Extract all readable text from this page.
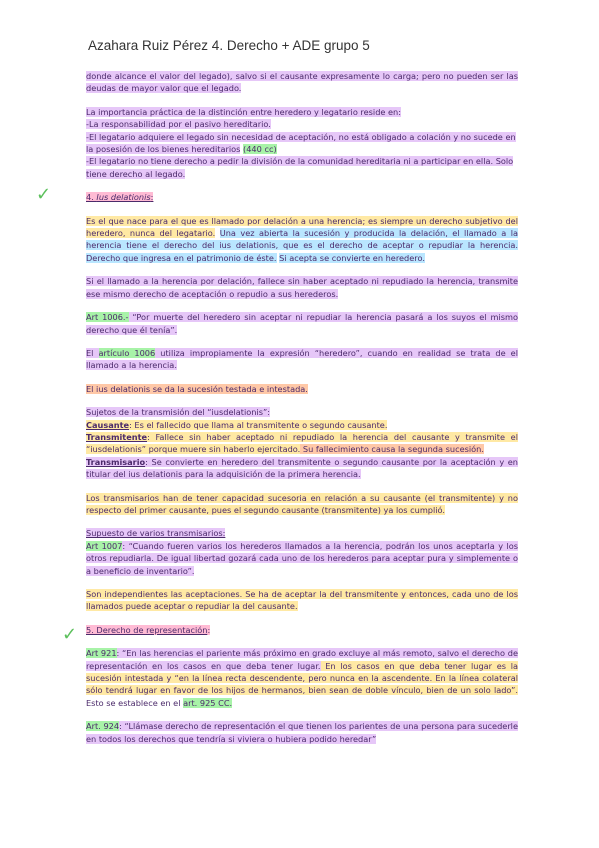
Azahara Ruiz Pérez 4. Derecho + ADE grupo 5
✓
✓

donde alcance el valor del legado), salvo si el causante expresamente lo carga; pero no pueden ser las deudas de mayor valor que el legado.

La importancia práctica de la distinción entre heredero y legatario reside en:
-La responsabilidad por el pasivo hereditario.
-El legatario adquiere el legado sin necesidad de aceptación, no está obligado a colación y no sucede en la posesión de los bienes hereditarios (440 cc)
-El legatario no tiene derecho a pedir la división de la comunidad hereditaria ni a participar en ella. Solo tiene derecho al legado.

4. Ius delationis:

Es el que nace para el que es llamado por delación a una herencia; es siempre un derecho subjetivo del heredero, nunca del legatario. Una vez abierta la sucesión y producida la delación, el llamado a la herencia tiene el derecho del ius delationis, que es el derecho de aceptar o repudiar la herencia. Derecho que ingresa en el patrimonio de éste. Si acepta se convierte en heredero.

Si el llamado a la herencia por delación, fallece sin haber aceptado ni repudiado la herencia, transmite ese mismo derecho de aceptación o repudio a sus herederos.

Art 1006.- “Por muerte del heredero sin aceptar ni repudiar la herencia pasará a los suyos el mismo derecho que él tenía”.

El artículo 1006 utiliza impropiamente la expresión “heredero”, cuando en realidad se trata de el llamado a la herencia.

El ius delationis se da la sucesión testada e intestada.

Sujetos de la transmisión del “iusdelationis”:
Causante: Es el fallecido que llama al transmitente o segundo causante.
Transmitente: Fallece sin haber aceptado ni repudiado la herencia del causante y transmite el “iusdelationis” porque muere sin haberlo ejercitado. Su fallecimiento causa la segunda sucesión.
Transmisario: Se convierte en heredero del transmitente o segundo causante por la aceptación y en titular del ius delationis para la adquisición de la primera herencia.

Los transmisarios han de tener capacidad sucesoria en relación a su causante (el transmitente) y no respecto del primer causante, pues el segundo causante (transmitente) ya los cumplió.

Supuesto de varios transmisarios:
Art 1007: “Cuando fueren varios los herederos llamados a la herencia, podrán los unos aceptarla y los otros repudiarla. De igual libertad gozará cada uno de los herederos para aceptar pura y simplemente o a beneficio de inventario”.

Son independientes las aceptaciones. Se ha de aceptar la del transmitente y entonces, cada uno de los llamados puede aceptar o repudiar la del causante.

5. Derecho de representación:

Art 921: “En las herencias el pariente más próximo en grado excluye al más remoto, salvo el derecho de representación en los casos en que deba tener lugar. En los casos en que deba tener lugar es la sucesión intestada y “en la línea recta descendente, pero nunca en la ascendente. En la línea colateral sólo tendrá lugar en favor de los hijos de hermanos, bien sean de doble vínculo, bien de un solo lado”. Esto se establece en el art. 925 CC.

Art. 924: “Llámase derecho de representación el que tienen los parientes de una persona para sucederle en todos los derechos que tendría si viviera o hubiera podido heredar”
